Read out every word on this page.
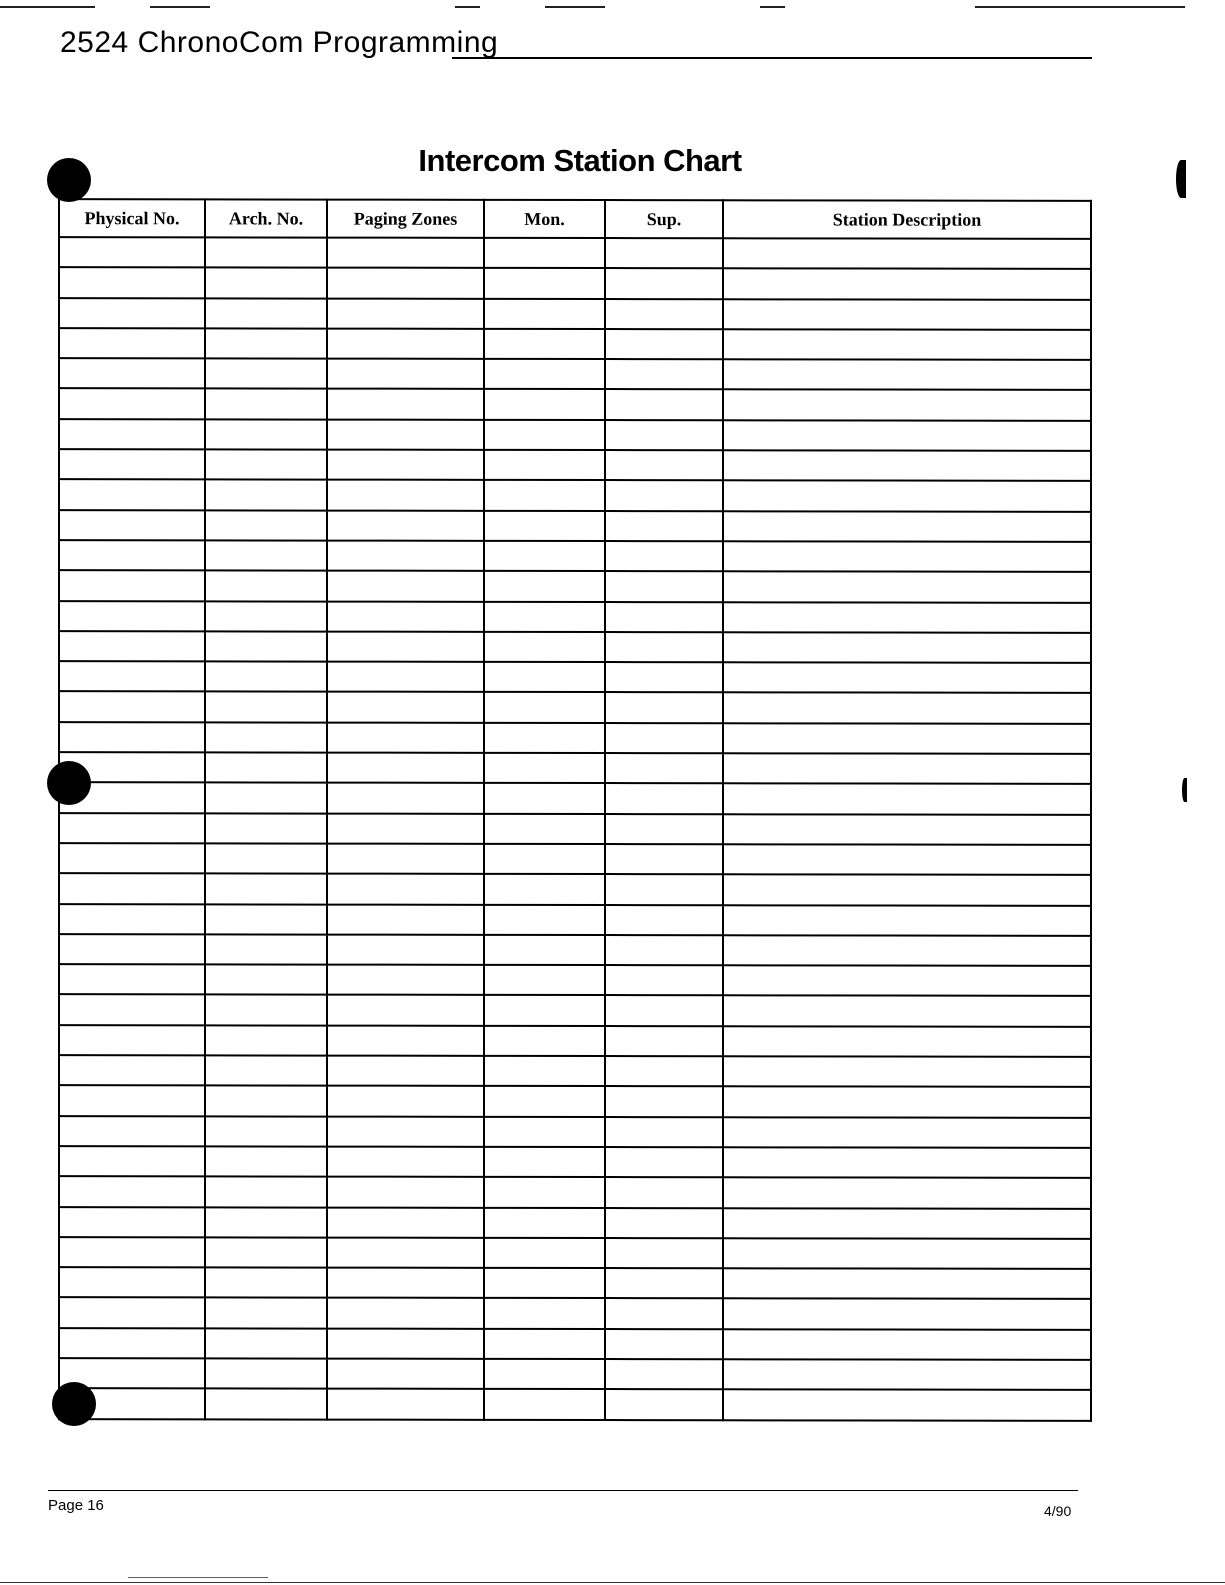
2524 ChronoCom Programming
Intercom Station Chart
Physical No.	Arch. No.	Paging Zones	Mon.	Sup.	Station Description

Page 16	4/90
